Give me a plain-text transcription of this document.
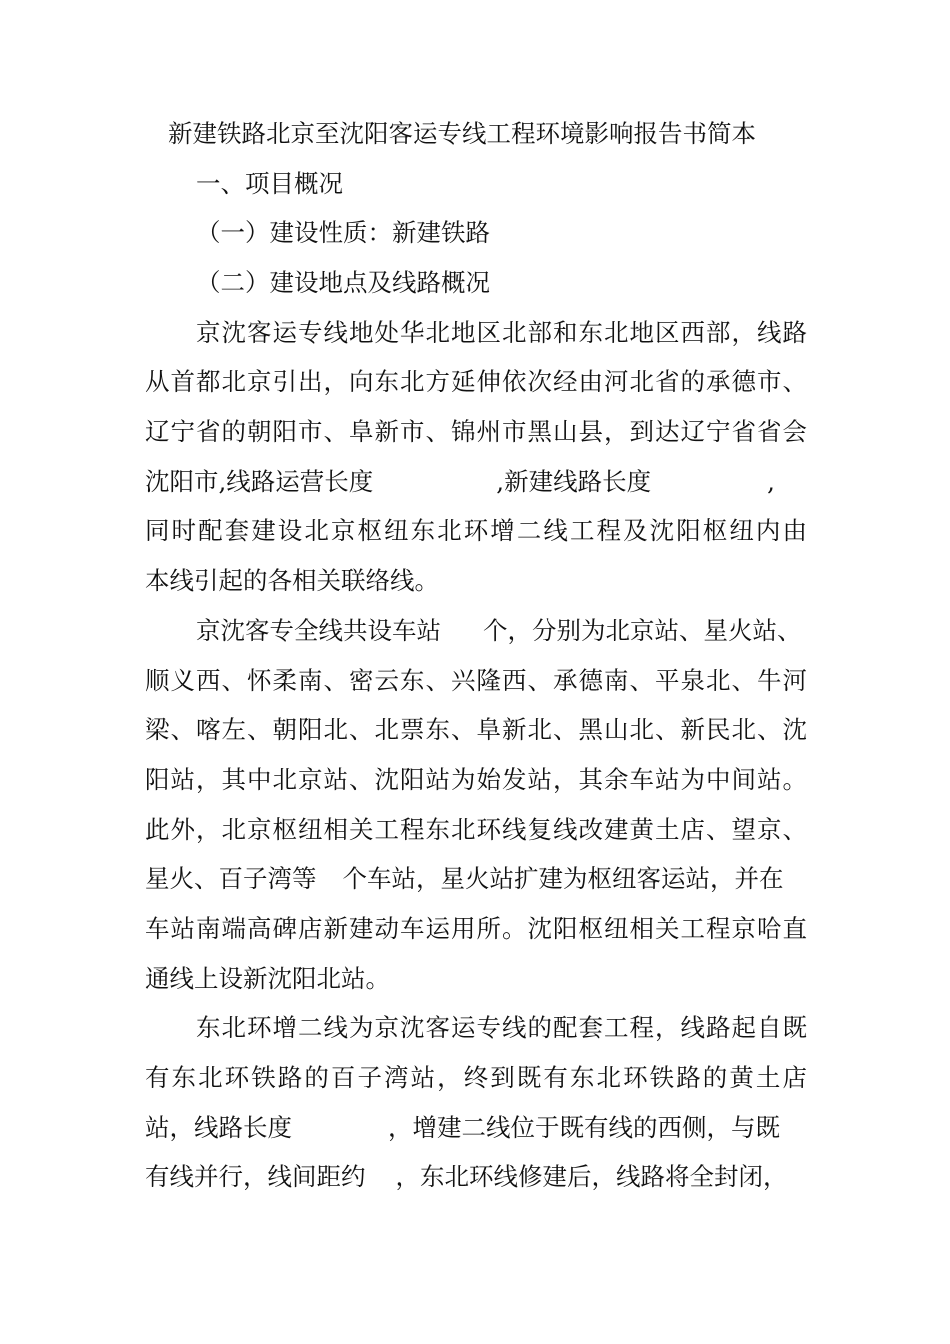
新建铁路北京至沈阳客运专线工程环境影响报告书简本
一、项目概况
（一）建设性质：新建铁路
（二）建设地点及线路概况
京沈客运专线地处华北地区北部和东北地区西部，线路
从首都北京引出，向东北方延伸依次经由河北省的承德市、
辽宁省的朝阳市、阜新市、锦州市黑山县，到达辽宁省省会
沈阳市,线路运营长度	,新建线路长度	,
同时配套建设北京枢纽东北环增二线工程及沈阳枢纽内由
本线引起的各相关联络线。
京沈客专全线共设车站 个，分别为北京站、星火站、
顺义西、怀柔南、密云东、兴隆西、承德南、平泉北、牛河
梁、喀左、朝阳北、北票东、阜新北、黑山北、新民北、沈
阳站，其中北京站、沈阳站为始发站，其余车站为中间站。
此外，北京枢纽相关工程东北环线复线改建黄土店、望京、
星火、百子湾等 个车站，星火站扩建为枢纽客运站，并在
车站南端高碑店新建动车运用所。沈阳枢纽相关工程京哈直
通线上设新沈阳北站。
东北环增二线为京沈客运专线的配套工程，线路起自既
有东北环铁路的百子湾站，终到既有东北环铁路的黄土店
站，线路长度	，增建二线位于既有线的西侧，与既
有线并行，线间距约 ，东北环线修建后，线路将全封闭，
